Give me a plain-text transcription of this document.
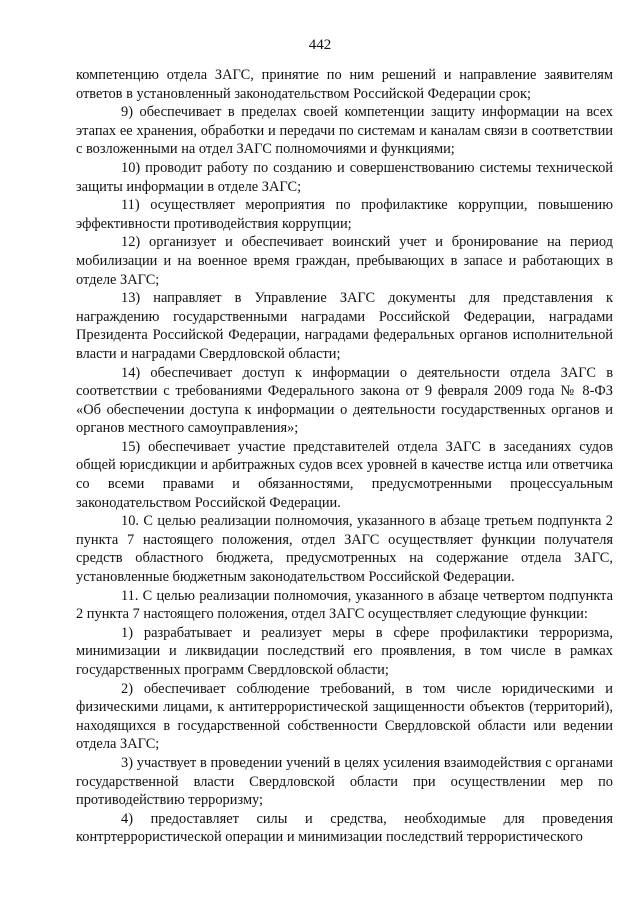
442

компетенцию отдела ЗАГС, принятие по ним решений и направление заявителям ответов в установленный законодательством Российской Федерации срок;

9) обеспечивает в пределах своей компетенции защиту информации на всех этапах ее хранения, обработки и передачи по системам и каналам связи в соответствии с возложенными на отдел ЗАГС полномочиями и функциями;

10) проводит работу по созданию и совершенствованию системы технической защиты информации в отделе ЗАГС;

11) осуществляет мероприятия по профилактике коррупции, повышению эффективности противодействия коррупции;

12) организует и обеспечивает воинский учет и бронирование на период мобилизации и на военное время граждан, пребывающих в запасе и работающих в отделе ЗАГС;

13) направляет в Управление ЗАГС документы для представления к награждению государственными наградами Российской Федерации, наградами Президента Российской Федерации, наградами федеральных органов исполнительной власти и наградами Свердловской области;

14) обеспечивает доступ к информации о деятельности отдела ЗАГС в соответствии с требованиями Федерального закона от 9 февраля 2009 года № 8-ФЗ «Об обеспечении доступа к информации о деятельности государственных органов и органов местного самоуправления»;

15) обеспечивает участие представителей отдела ЗАГС в заседаниях судов общей юрисдикции и арбитражных судов всех уровней в качестве истца или ответчика со всеми правами и обязанностями, предусмотренными процессуальным законодательством Российской Федерации.

10. С целью реализации полномочия, указанного в абзаце третьем подпункта 2 пункта 7 настоящего положения, отдел ЗАГС осуществляет функции получателя средств областного бюджета, предусмотренных на содержание отдела ЗАГС, установленные бюджетным законодательством Российской Федерации.

11. С целью реализации полномочия, указанного в абзаце четвертом подпункта 2 пункта 7 настоящего положения, отдел ЗАГС осуществляет следующие функции:

1) разрабатывает и реализует меры в сфере профилактики терроризма, минимизации и ликвидации последствий его проявления, в том числе в рамках государственных программ Свердловской области;

2) обеспечивает соблюдение требований, в том числе юридическими и физическими лицами, к антитеррористической защищенности объектов (территорий), находящихся в государственной собственности Свердловской области или ведении отдела ЗАГС;

3) участвует в проведении учений в целях усиления взаимодействия с органами государственной власти Свердловской области при осуществлении мер по противодействию терроризму;

4) предоставляет силы и средства, необходимые для проведения контртеррористической операции и минимизации последствий террористического
